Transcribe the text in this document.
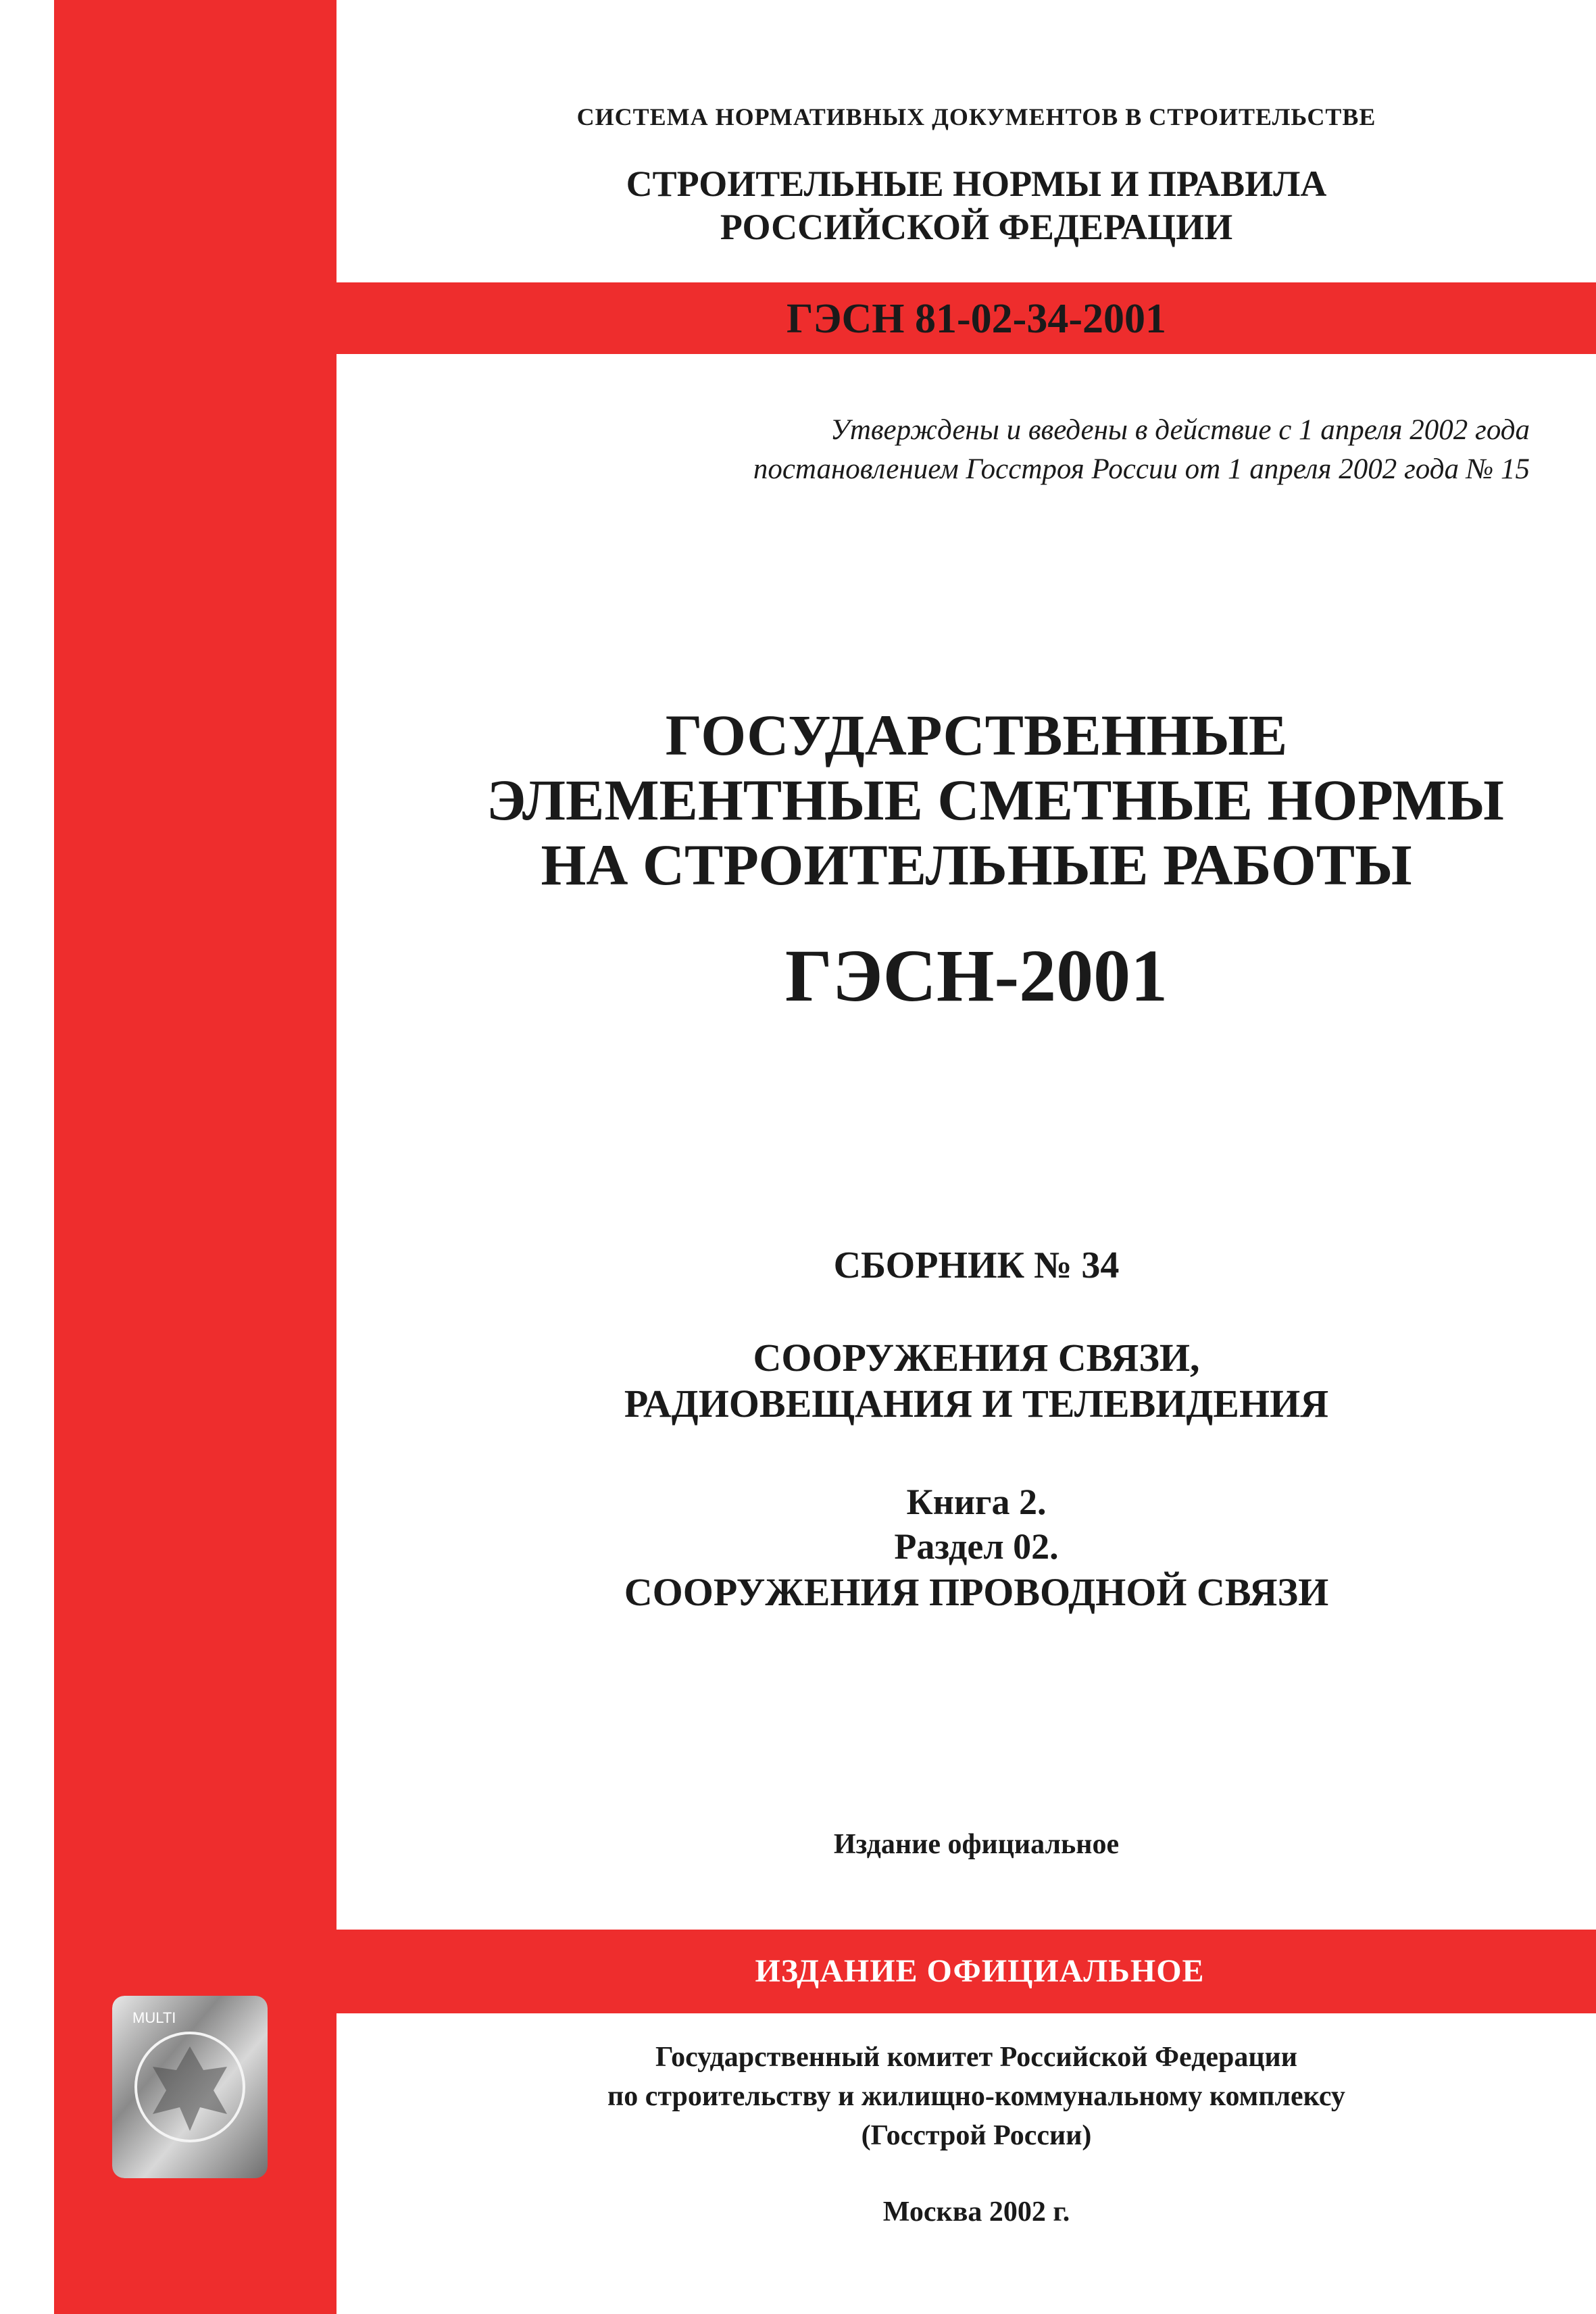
СИСТЕМА НОРМАТИВНЫХ ДОКУМЕНТОВ В СТРОИТЕЛЬСТВЕ
СТРОИТЕЛЬНЫЕ НОРМЫ И ПРАВИЛА
РОССИЙСКОЙ ФЕДЕРАЦИИ
ГЭСН 81-02-34-2001
Утверждены и введены в действие с 1 апреля 2002 года
постановлением Госстроя России от 1 апреля 2002 года № 15
ГОСУДАРСТВЕННЫЕ
ЭЛЕМЕНТНЫЕ СМЕТНЫЕ НОРМЫ
НА СТРОИТЕЛЬНЫЕ РАБОТЫ
ГЭСН-2001
СБОРНИК № 34
СООРУЖЕНИЯ СВЯЗИ,
РАДИОВЕЩАНИЯ И ТЕЛЕВИДЕНИЯ
Книга 2.
Раздел 02.
СООРУЖЕНИЯ ПРОВОДНОЙ СВЯЗИ
Издание официальное
ИЗДАНИЕ ОФИЦИАЛЬНОЕ
MULTI
Государственный комитет Российской Федерации
по строительству и жилищно-коммунальному комплексу
(Госстрой России)
Москва 2002 г.
